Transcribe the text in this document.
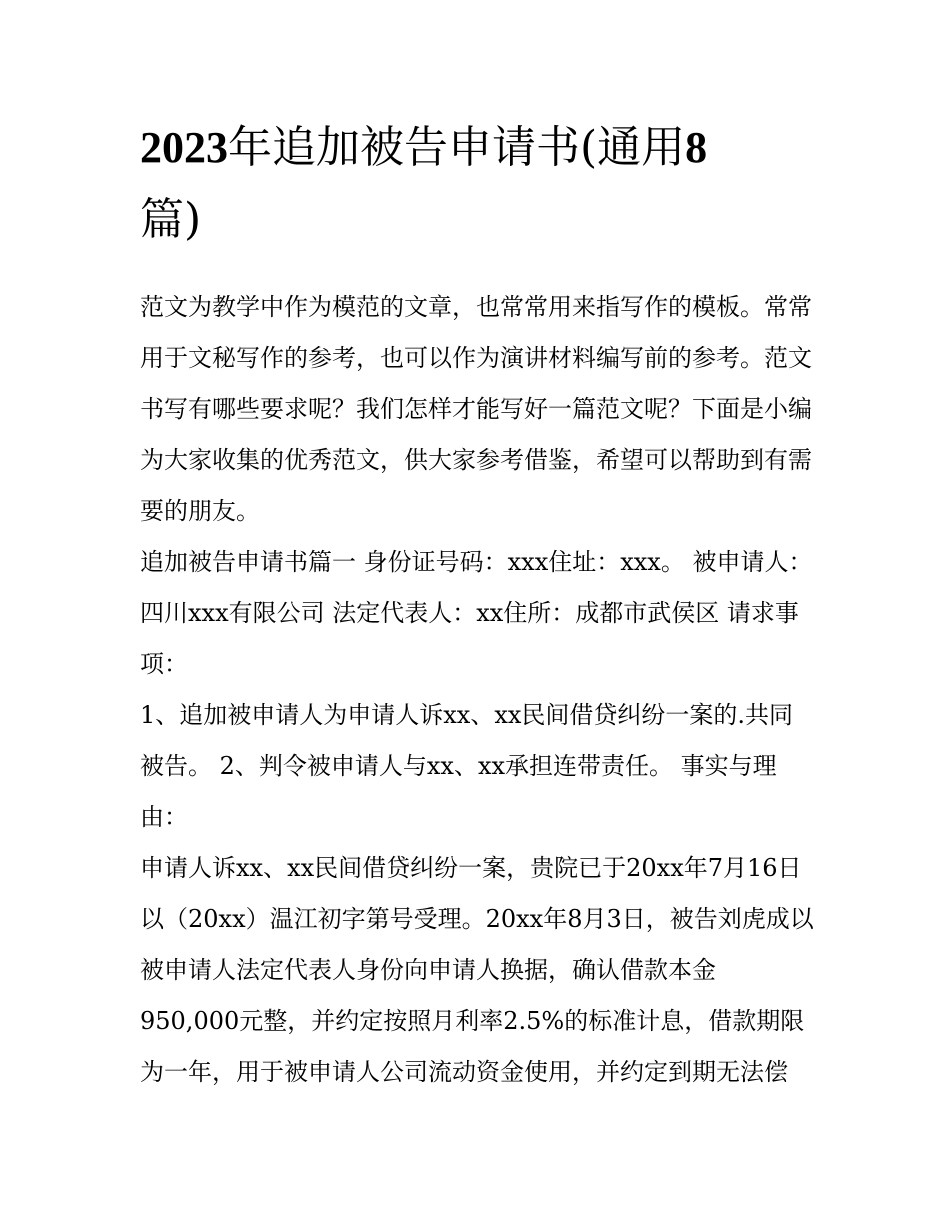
2023年追加被告申请书(通用8
篇)

范文为教学中作为模范的文章，也常常用来指写作的模板。常常用于文秘写作的参考，也可以作为演讲材料编写前的参考。范文书写有哪些要求呢？我们怎样才能写好一篇范文呢？下面是小编为大家收集的优秀范文，供大家参考借鉴，希望可以帮助到有需要的朋友。

追加被告申请书篇一 身份证号码：xxx住址：xxx。 被申请人：四川xxx有限公司 法定代表人：xx住所：成都市武侯区 请求事项：

1、追加被申请人为申请人诉xx、xx民间借贷纠纷一案的.共同被告。 2、判令被申请人与xx、xx承担连带责任。 事实与理由：

申请人诉xx、xx民间借贷纠纷一案，贵院已于20xx年7月16日以（20xx）温江初字第号受理。20xx年8月3日，被告刘虎成以被申请人法定代表人身份向申请人换据，确认借款本金950,000元整，并约定按照月利率2.5%的标准计息，借款期限为一年，用于被申请人公司流动资金使用，并约定到期无法偿
